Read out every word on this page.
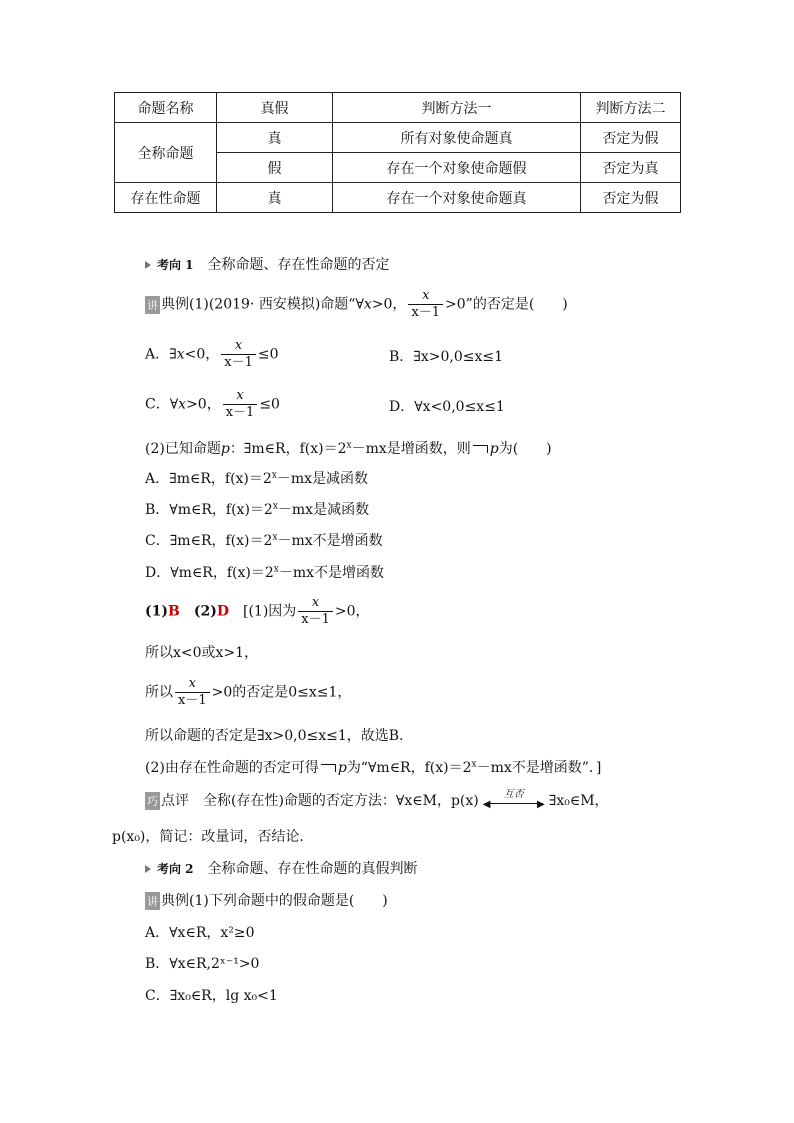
命题名称	真假	判断方法一	判断方法二
全称命题	真	所有对象使命题真	否定为假
	假	存在一个对象使命题假	否定为真
存在性命题	真	存在一个对象使命题真	否定为假
考向 1　 全称命题、存在性命题的否定
讲 典例(1)(2019· 西安模拟)命题“∀x>0， $\frac{x}{x-1} >0$”的否定是(　　)
A．∃x<0， $\frac{x}{x-1} \le 0$	B．∃x>0,0≤x≤1
C．∀x>0， $\frac{x}{x-1} \le 0$	D．∀x<0,0≤x≤1
(2)已知命题p：∃m∈R，$f(x)=2^x-mx$是增函数，则 p为(　　)
A．∃m∈R，$f(x)=2^x-mx$是减函数
B．∀m∈R，$f(x)=2^x-mx$是减函数
C．∃m∈R，$f(x)=2^x-mx$不是增函数
D．∀m∈R，$f(x)=2^x-mx$不是增函数
(1)B　 (2)D　 [(1)因为 $\frac{x}{x-1} >0$，
所以x<0或x>1，
所以 $\frac{x}{x-1} >0$的否定是0≤x≤1，
所以命题的否定是∃x>0,0≤x≤1，故选B.
(2)由存在性命题的否定可得 p为“∀m∈R，$f(x)=2^x-mx$不是增函数”．]
巧 点评　 全称(存在性)命题的否定方法：∀x∈M，p(x)	互否
◀	▶ ∃x₀∈M，
p(x₀)，简记：改量词，否结论．
考向 2　 全称命题、存在性命题的真假判断
讲 典例(1)下列命题中的假命题是(　　)
A．∀x∈R，x²≥0
B．∀x∈R,2ˣ⁻¹>0
C．∃x₀∈R，lg x₀<1
